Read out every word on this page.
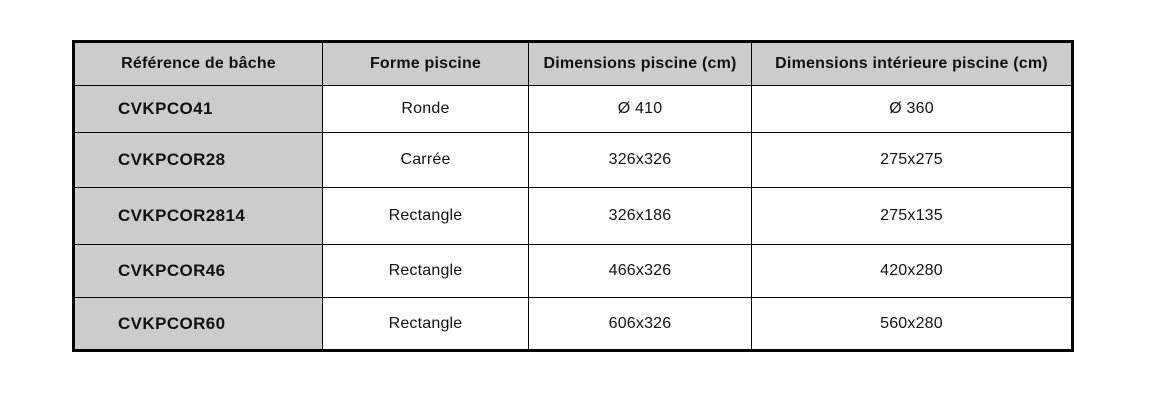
Référence de bâche	Forme piscine	Dimensions piscine (cm)	Dimensions intérieure piscine (cm)
CVKPCO41	Ronde	Ø 410	Ø 360
CVKPCOR28	Carrée	326x326	275x275
CVKPCOR2814	Rectangle	326x186	275x135
CVKPCOR46	Rectangle	466x326	420x280
CVKPCOR60	Rectangle	606x326	560x280
